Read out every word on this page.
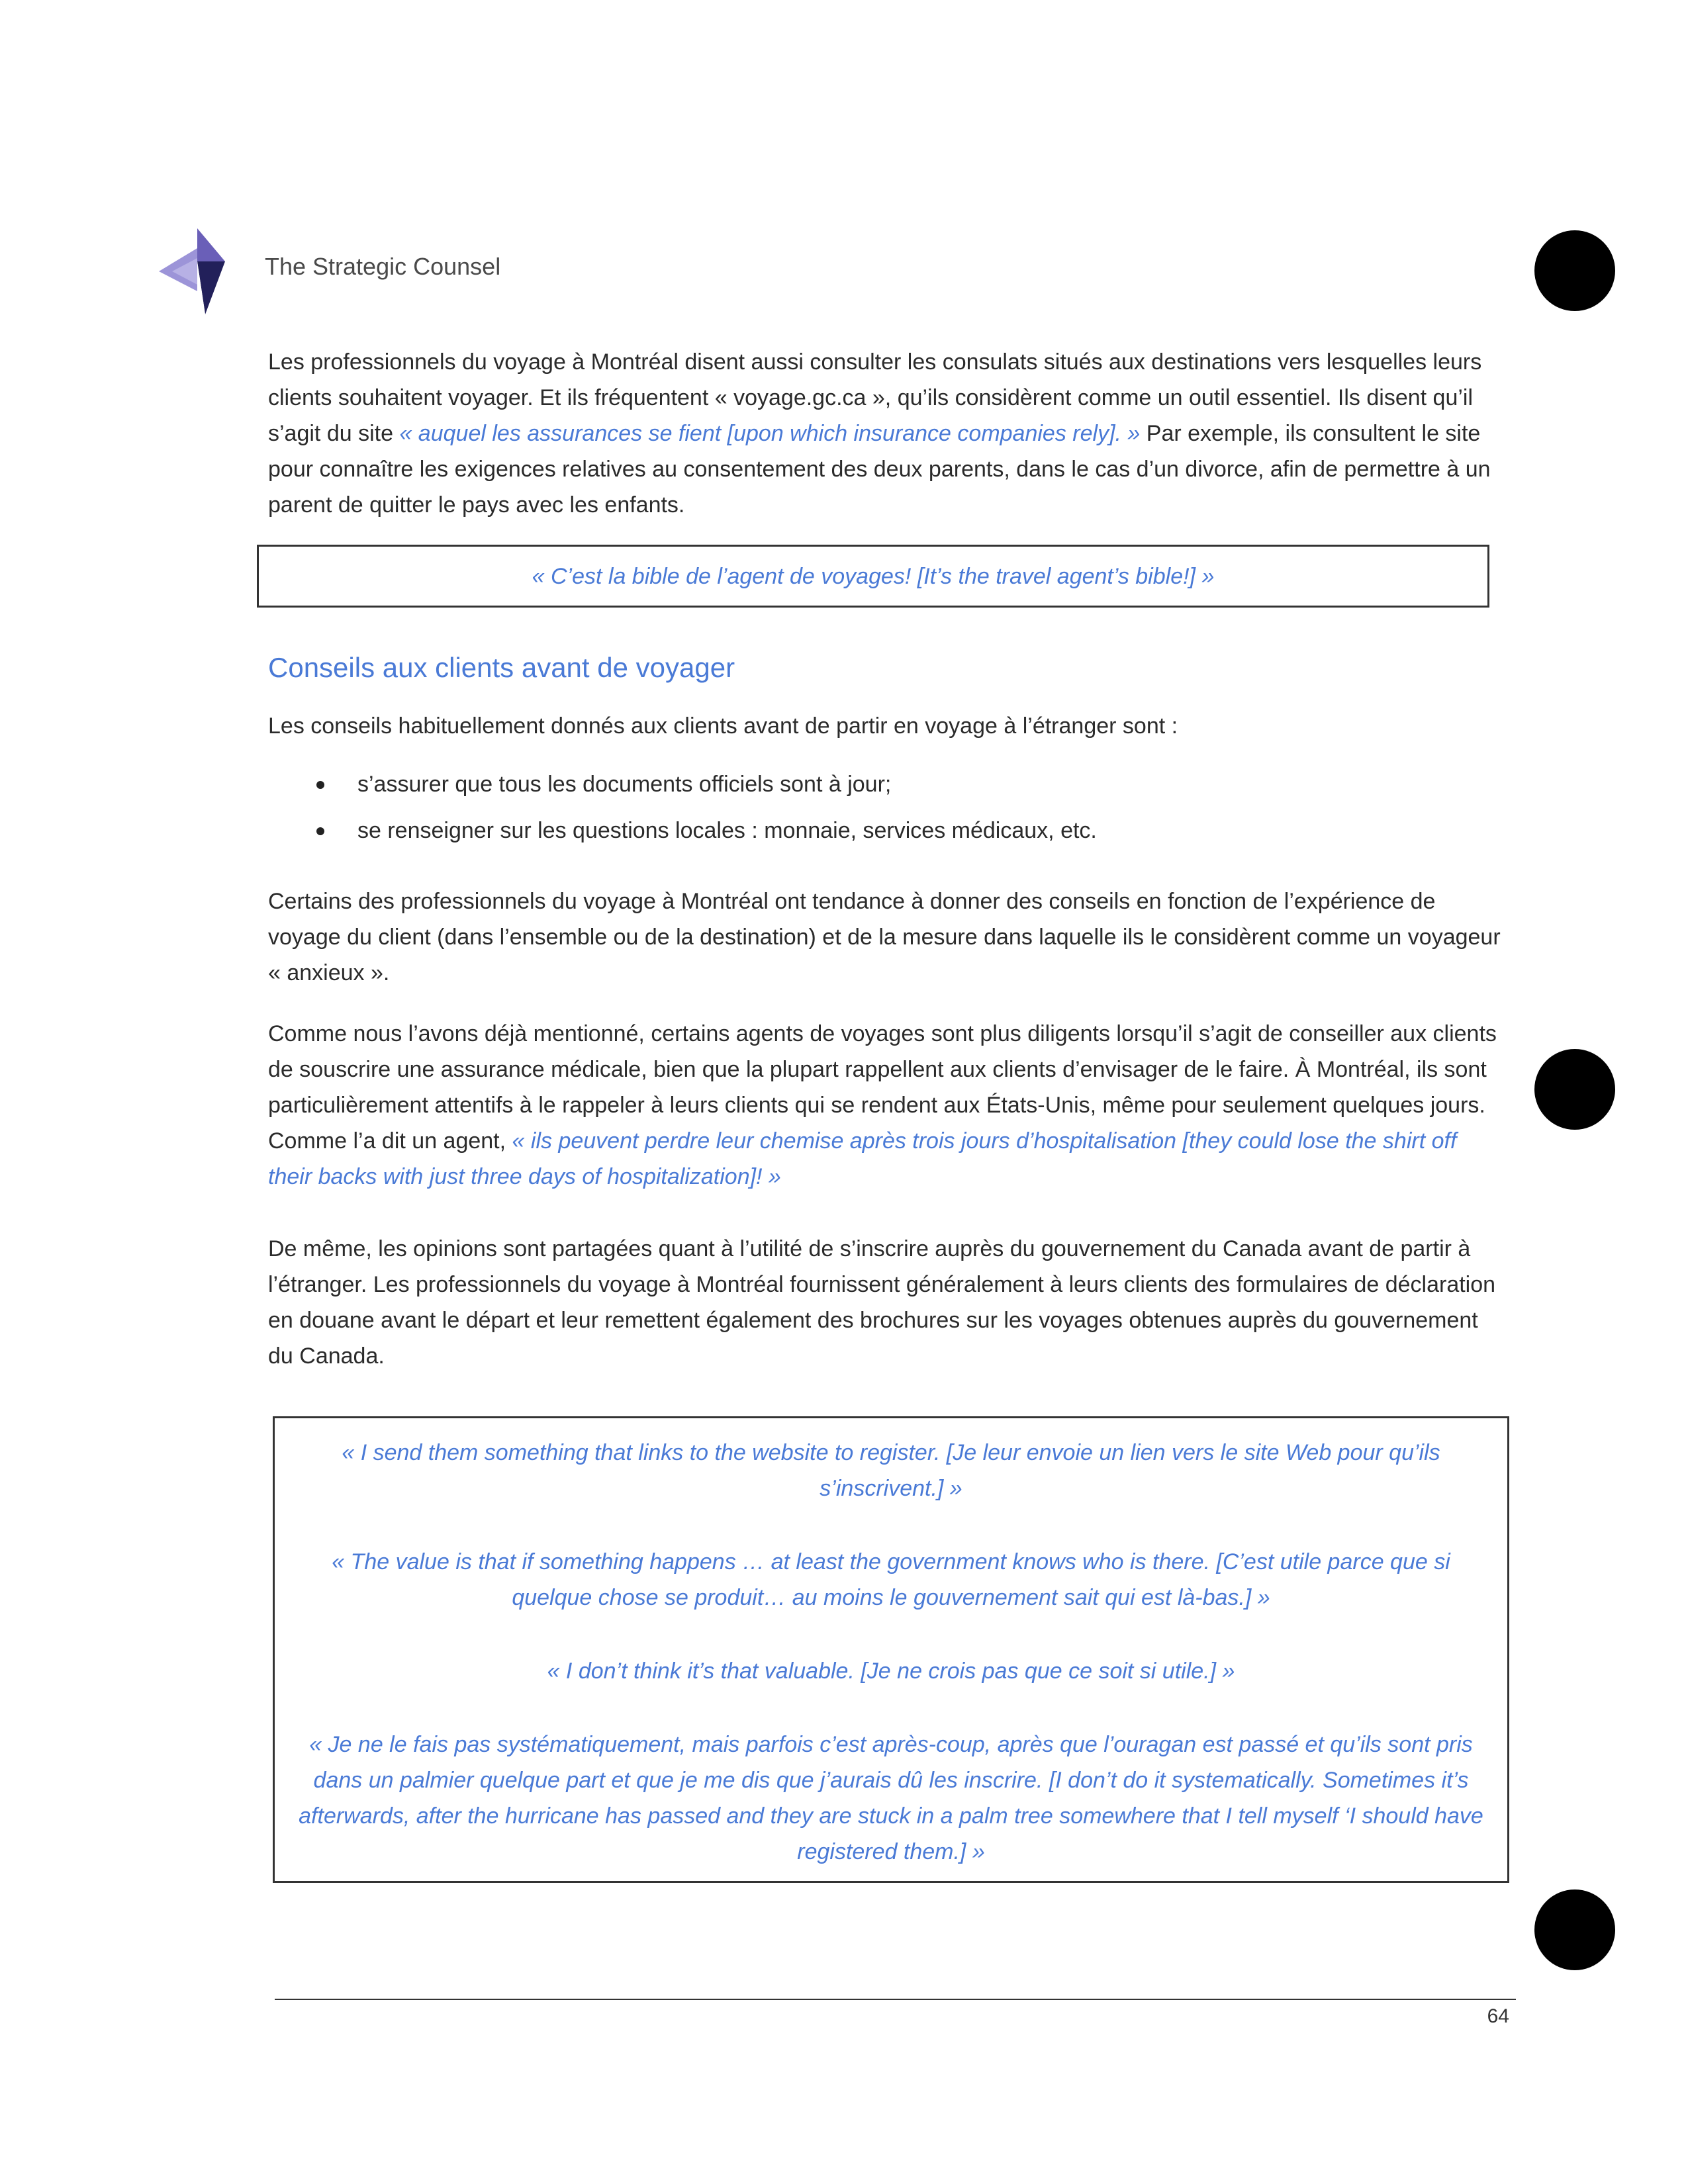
The Strategic Counsel

Les professionnels du voyage à Montréal disent aussi consulter les consulats situés aux destinations vers lesquelles leurs clients souhaitent voyager. Et ils fréquentent « voyage.gc.ca », qu’ils considèrent comme un outil essentiel. Ils disent qu’il s’agit du site « auquel les assurances se fient [upon which insurance companies rely]. » Par exemple, ils consultent le site pour connaître les exigences relatives au consentement des deux parents, dans le cas d’un divorce, afin de permettre à un parent de quitter le pays avec les enfants.

« C’est la bible de l’agent de voyages! [It’s the travel agent’s bible!] »
Conseils aux clients avant de voyager

Les conseils habituellement donnés aux clients avant de partir en voyage à l’étranger sont :

s’assurer que tous les documents officiels sont à jour;
se renseigner sur les questions locales : monnaie, services médicaux, etc.

Certains des professionnels du voyage à Montréal ont tendance à donner des conseils en fonction de l’expérience de voyage du client (dans l’ensemble ou de la destination) et de la mesure dans laquelle ils le considèrent comme un voyageur « anxieux ».

Comme nous l’avons déjà mentionné, certains agents de voyages sont plus diligents lorsqu’il s’agit de conseiller aux clients de souscrire une assurance médicale, bien que la plupart rappellent aux clients d’envisager de le faire. À Montréal, ils sont particulièrement attentifs à le rappeler à leurs clients qui se rendent aux États-Unis, même pour seulement quelques jours. Comme l’a dit un agent, « ils peuvent perdre leur chemise après trois jours d’hospitalisation [they could lose the shirt off their backs with just three days of hospitalization]! »

De même, les opinions sont partagées quant à l’utilité de s’inscrire auprès du gouvernement du Canada avant de partir à l’étranger. Les professionnels du voyage à Montréal fournissent généralement à leurs clients des formulaires de déclaration en douane avant le départ et leur remettent également des brochures sur les voyages obtenues auprès du gouvernement du Canada.

« I send them something that links to the website to register. [Je leur envoie un lien vers le site Web pour qu’ils s’inscrivent.] »

« The value is that if something happens … at least the government knows who is there. [C’est utile parce que si quelque chose se produit… au moins le gouvernement sait qui est là-bas.] »

« I don’t think it’s that valuable. [Je ne crois pas que ce soit si utile.] »

« Je ne le fais pas systématiquement, mais parfois c’est après-coup, après que l’ouragan est passé et qu’ils sont pris dans un palmier quelque part et que je me dis que j’aurais dû les inscrire. [I don’t do it systematically. Sometimes it’s afterwards, after the hurricane has passed and they are stuck in a palm tree somewhere that I tell myself ‘I should have registered them.] »

64
